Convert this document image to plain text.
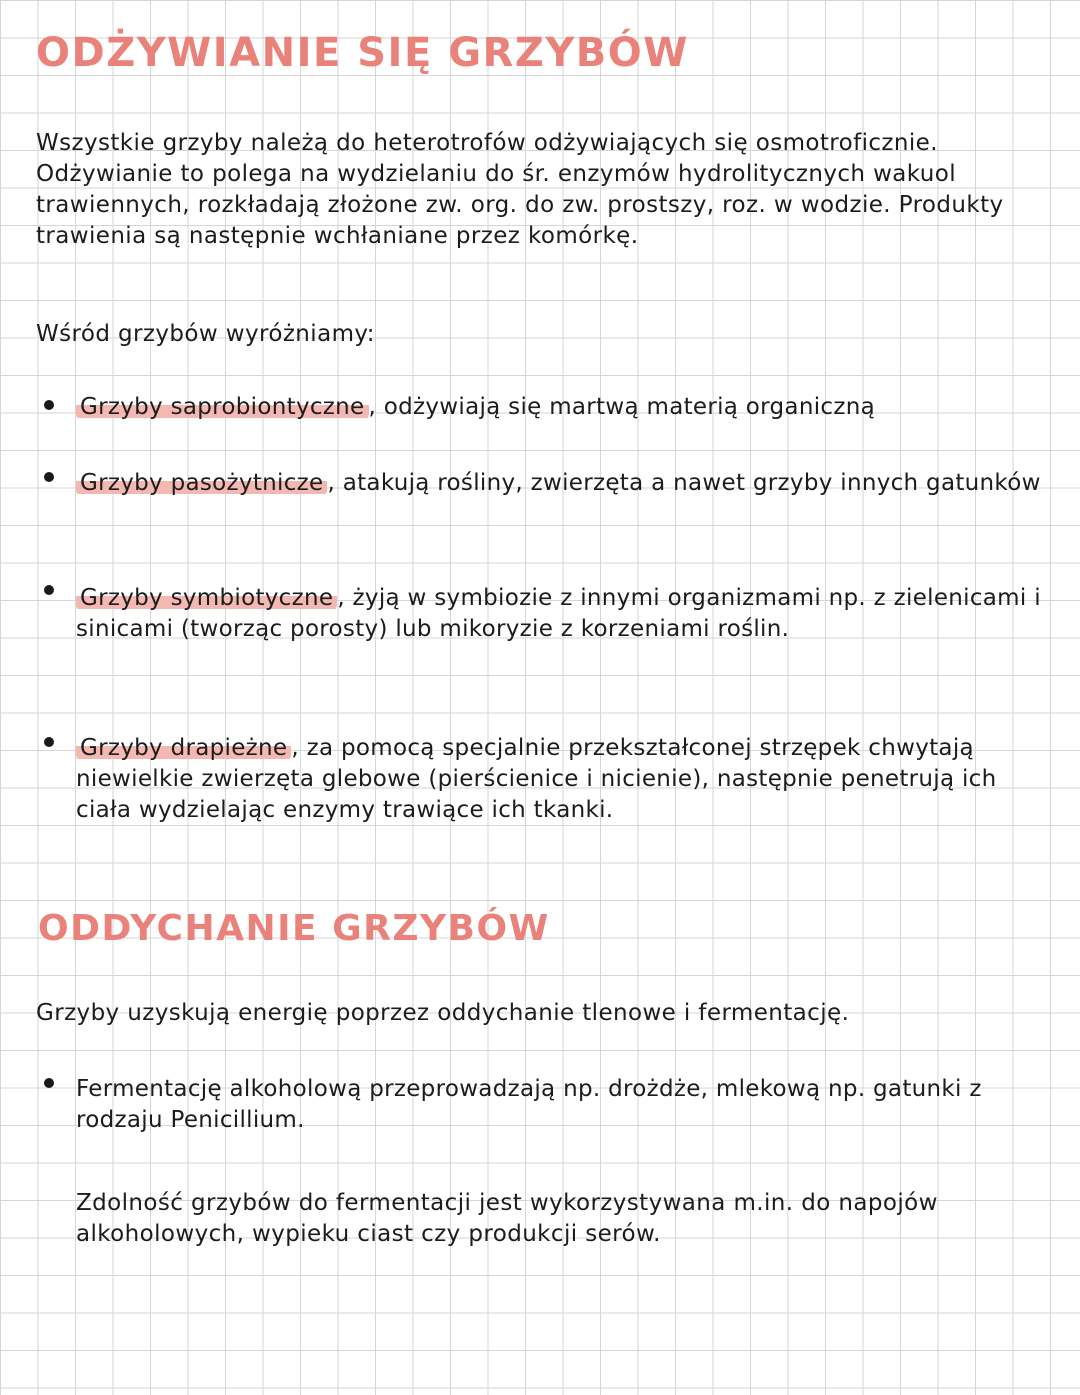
ODŻYWIANIE SIĘ GRZYBÓW

Wszystkie grzyby należą do heterotrofów odżywiających się osmotroficznie. Odżywianie to polega na wydzielaniu do śr. enzymów hydrolitycznych wakuol trawiennych, rozkładają złożone zw. org. do zw. prostszy, roz. w wodzie. Produkty trawienia są następnie wchłaniane przez komórkę.

Wśród grzybów wyróżniamy:

Grzyby saprobiontyczne , odżywiają się martwą materią organiczną

Grzyby pasożytnicze , atakują rośliny, zwierzęta a nawet grzyby innych gatunków

Grzyby symbiotyczne , żyją w symbiozie z innymi organizmami np. z zielenicami i sinicami (tworząc porosty) lub mikoryzie z korzeniami roślin.

Grzyby drapieżne , za pomocą specjalnie przekształconej strzępek chwytają niewielkie zwierzęta glebowe (pierścienice i nicienie), następnie penetrują ich ciała wydzielając enzymy trawiące ich tkanki.

ODDYCHANIE GRZYBÓW

Grzyby uzyskują energię poprzez oddychanie tlenowe i fermentację.

Fermentację alkoholową przeprowadzają np. drożdże, mlekową np. gatunki z rodzaju Penicillium.

Zdolność grzybów do fermentacji jest wykorzystywana m.in. do napojów alkoholowych, wypieku ciast czy produkcji serów.
